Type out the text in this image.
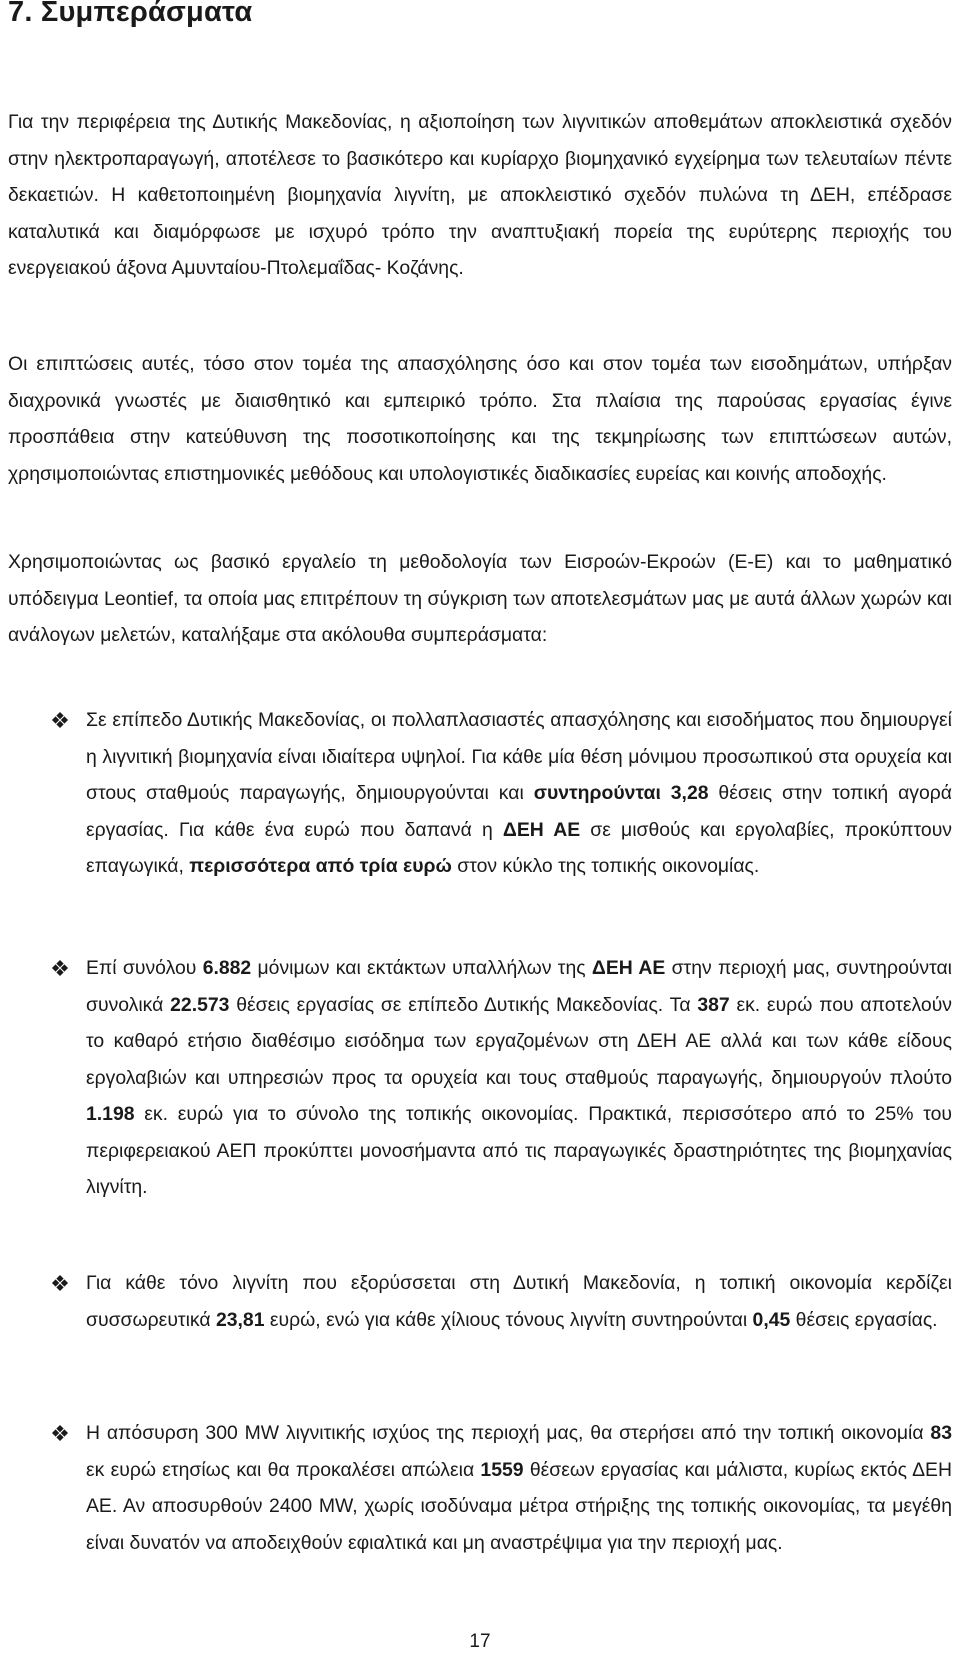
7. Συμπεράσματα

Για την περιφέρεια της Δυτικής Μακεδονίας, η αξιοποίηση των λιγνιτικών αποθεμάτων αποκλειστικά σχεδόν στην ηλεκτροπαραγωγή, αποτέλεσε το βασικότερο και κυρίαρχο βιομηχανικό εγχείρημα των τελευταίων πέντε δεκαετιών. Η καθετοποιημένη βιομηχανία λιγνίτη, με αποκλειστικό σχεδόν πυλώνα τη ΔΕΗ, επέδρασε καταλυτικά και διαμόρφωσε με ισχυρό τρόπο την αναπτυξιακή πορεία της ευρύτερης περιοχής του ενεργειακού άξονα Αμυνταίου-Πτολεμαΐδας- Κοζάνης.

Οι επιπτώσεις αυτές, τόσο στον τομέα της απασχόλησης όσο και στον τομέα των εισοδημάτων, υπήρξαν διαχρονικά γνωστές με διαισθητικό και εμπειρικό τρόπο. Στα πλαίσια της παρούσας εργασίας έγινε προσπάθεια στην κατεύθυνση της ποσοτικοποίησης και της τεκμηρίωσης των επιπτώσεων αυτών, χρησιμοποιώντας επιστημονικές μεθόδους και υπολογιστικές διαδικασίες ευρείας και κοινής αποδοχής.

Χρησιμοποιώντας ως βασικό εργαλείο τη μεθοδολογία των Εισροών-Εκροών (Ε-Ε) και το μαθηματικό υπόδειγμα Leontief, τα οποία μας επιτρέπουν τη σύγκριση των αποτελεσμάτων μας με αυτά άλλων χωρών και ανάλογων μελετών, καταλήξαμε στα ακόλουθα συμπεράσματα:

❖ Σε επίπεδο Δυτικής Μακεδονίας, οι πολλαπλασιαστές απασχόλησης και εισοδήματος που δημιουργεί η λιγνιτική βιομηχανία είναι ιδιαίτερα υψηλοί. Για κάθε μία θέση μόνιμου προσωπικού στα ορυχεία και στους σταθμούς παραγωγής, δημιουργούνται και συντηρούνται 3,28 θέσεις στην τοπική αγορά εργασίας. Για κάθε ένα ευρώ που δαπανά η ΔΕΗ ΑΕ σε μισθούς και εργολαβίες, προκύπτουν επαγωγικά, περισσότερα από τρία ευρώ στον κύκλο της τοπικής οικονομίας.

❖ Επί συνόλου 6.882 μόνιμων και εκτάκτων υπαλλήλων της ΔΕΗ ΑΕ στην περιοχή μας, συντηρούνται συνολικά 22.573 θέσεις εργασίας σε επίπεδο Δυτικής Μακεδονίας. Τα 387 εκ. ευρώ που αποτελούν το καθαρό ετήσιο διαθέσιμο εισόδημα των εργαζομένων στη ΔΕΗ ΑΕ αλλά και των κάθε είδους εργολαβιών και υπηρεσιών προς τα ορυχεία και τους σταθμούς παραγωγής, δημιουργούν πλούτο 1.198 εκ. ευρώ για το σύνολο της τοπικής οικονομίας. Πρακτικά, περισσότερο από το 25% του περιφερειακού ΑΕΠ προκύπτει μονοσήμαντα από τις παραγωγικές δραστηριότητες της βιομηχανίας λιγνίτη.

❖ Για κάθε τόνο λιγνίτη που εξορύσσεται στη Δυτική Μακεδονία, η τοπική οικονομία κερδίζει συσσωρευτικά 23,81 ευρώ, ενώ για κάθε χίλιους τόνους λιγνίτη συντηρούνται 0,45 θέσεις εργασίας.

❖ Η απόσυρση 300 MW λιγνιτικής ισχύος της περιοχή μας, θα στερήσει από την τοπική οικονομία 83 εκ ευρώ ετησίως και θα προκαλέσει απώλεια 1559 θέσεων εργασίας και μάλιστα, κυρίως εκτός ΔΕΗ ΑΕ. Αν αποσυρθούν 2400 MW, χωρίς ισοδύναμα μέτρα στήριξης της τοπικής οικονομίας, τα μεγέθη είναι δυνατόν να αποδειχθούν εφιαλτικά και μη αναστρέψιμα για την περιοχή μας.

17
